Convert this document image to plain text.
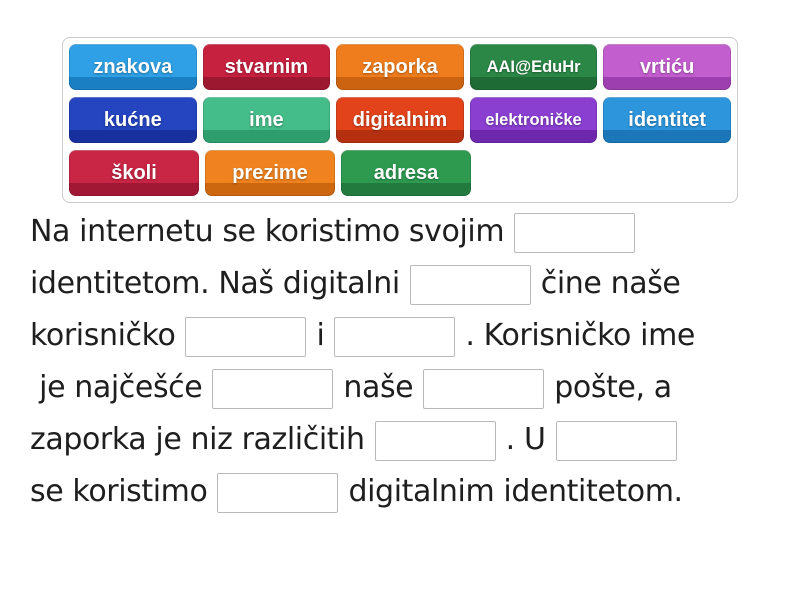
znakova	stvarnim	zaporka	AAI@EduHr	vrtiću
kućne	ime	digitalnim	elektroničke	identitet
školi	prezime	adresa
Na internetu se koristimo svojim
identitetom. Naš digitalni	čine naše
korisničko	i	. Korisničko ime
je najčešće	naše	pošte, a
zaporka je niz različitih	. U
se koristimo	digitalnim identitetom.
